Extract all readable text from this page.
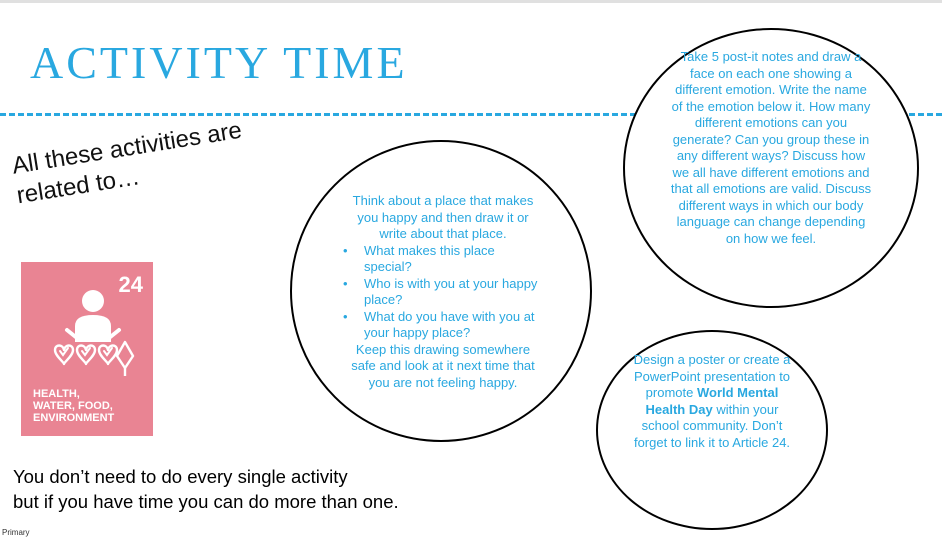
ACTIVITY TIME
All these activities are related to…
24
HEALTH,
WATER, FOOD,
ENVIRONMENT
Think about a place that makes you happy and then draw it or write about that place.
• What makes this place special?
• Who is with you at your happy place?
• What do you have with you at your happy place?
Keep this drawing somewhere safe and look at it next time that you are not feeling happy.
Take 5 post-it notes and draw a face on each one showing a different emotion. Write the name of the emotion below it. How many different emotions can you generate? Can you group these in any different ways? Discuss how we all have different emotions and that all emotions are valid. Discuss different ways in which our body language can change depending on how we feel.
Design a poster or create a PowerPoint presentation to promote World Mental Health Day within your school community. Don’t forget to link it to Article 24.
You don’t need to do every single activity
but if you have time you can do more than one.
Primary
